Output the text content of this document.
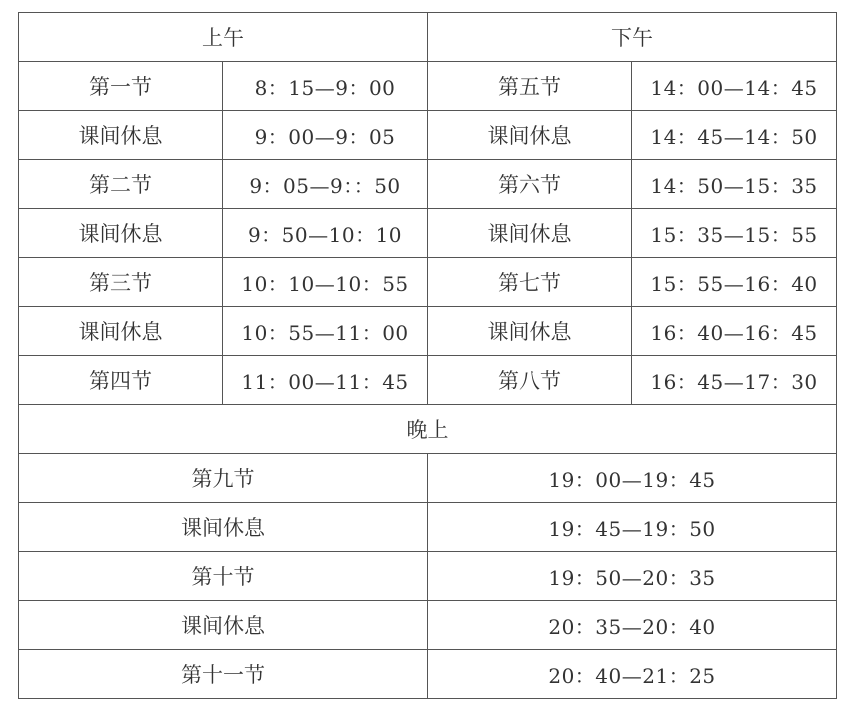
上午		下午	
第一节	8：15—9：00	第五节	14：00—14：45
课间休息	9：00—9：05	课间休息	14：45—14：50
第二节	9：05—9：：50	第六节	14：50—15：35
课间休息	9：50—10：10	课间休息	15：35—15：55
第三节	10：10—10：55	第七节	15：55—16：40
课间休息	10：55—11：00	课间休息	16：40—16：45
第四节	11：00—11：45	第八节	16：45—17：30
晚上			
第九节		19：00—19：45	
课间休息		19：45—19：50	
第十节		19：50—20：35	
课间休息		20：35—20：40	
第十一节		20：40—21：25	
